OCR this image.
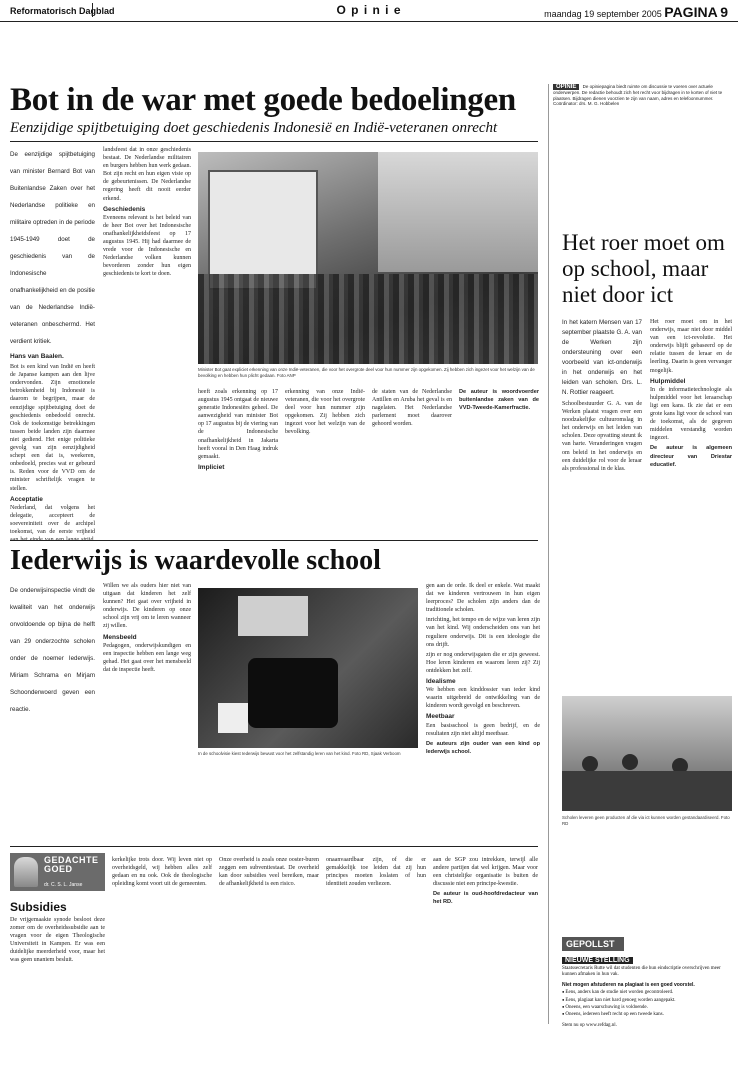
Reformatorisch Dagblad	O p i n i e	maandag 19 september 2005 PAGINA 9
Bot in de war met goede bedoelingen
Eenzijdige spijtbetuiging doet geschiedenis Indonesië en Indië-veteranen onrecht
OPINIE De opiniepagina biedt ruimte om discussie te voeren over actuele onderwerpen. De redactie behoudt zich het recht voor bijdragen in te korten of niet te plaatsen. Bijdragen dienen voorzien te zijn van naam, adres en telefoonnummer.
Coördinator: drs. M. G. Hobbelen

De eenzijdige spijtbetuiging van minister Bernard Bot van Buitenlandse Zaken over het Nederlandse politieke en militaire optreden in de periode 1945-1949 doet de geschiedenis van de Indonesische onafhankelijkheid en de positie van de Nederlandse Indië-veteranen onbeschermd. Het verdient kritiek.

Hans van Baalen.

Bot is een kind van Indië en heeft de Japanse kampen aan den lijve ondervonden. Zijn emotionele betrokkenheid bij Indonesië is daarom te begrijpen, maar de eenzijdige spijtbetuiging doet de geschiedenis onbedoeld onrecht. Ook de toekomstige betrekkingen tussen beide landen zijn daarmee niet gediend. Het enige politieke gevolg van zijn eenzijdigheid schept een dat is, weekeren, onbedoeld, precies wat er gebeurd is. Reden voor de VVD om de minister schriftelijk vragen te stellen.

Acceptatie

Nederland, dat volgens het delegatie, accepteert de soevereiniteit over de archipel toekomst, van de eerste vrijheid

landsfeest dat in onze geschiedenis bestaat. De Nederlandse militairen en burgers hebben hun werk gedaan. Bot zijn recht en hun eigen visie op de gebeurtenissen. De Nederlandse regering heeft dit nooit eerder erkend.

Geschiedenis

Eveneens relevant is het beleid van de heer Bot over het Indonesische onafhankelijkheidsfeest op 17 augustus 1945. Hij had daarmee de vrede voor de Indonesische en Nederlandse volken kunnen bevorderen zonder hun eigen geschiedenis te kort te doen.

Minister Bot gaat expliciet erkenning van onze Indië-veteranen, die voor het overgrote deel voor hun nummer zijn opgekomen. Zij hebben zich ingezet voor het welzijn van de bevolking en hebben hun plicht gedaan. Foto ANP

heeft zoals erkenning op 17 augustus 1945 ontgaat de nieuwe generatie Indonesiërs geheel. De aanwezigheid van minister Bot op 17 augustus bij de viering van de Indonesische onafhankelijkheid in Jakarta heeft vooral in Den Haag indruk gemaakt.

Impliciet

erkenning van onze Indië-veteranen, die voor het overgrote deel voor hun nummer zijn opgekomen. Zij hebben zich ingezet voor het welzijn van de bevolking.

de staten van de Nederlandse Antillen en Aruba het geval is en nagelaten. Het Nederlandse parlement moet daarover gehoord worden.

De auteur is woordvoerder buitenlandse zaken van de VVD-Tweede-Kamerfractie.

Het roer moet om op school, maar niet door ict

In het katern Mensen van 17 september plaatste G. A. van de Werken zijn ondersteuning over een voorbeeld van ict-onderwijs in het onderwijs en het leiden van scholen. Drs. L. N. Rottier reageert.

Schoolbestuurder G. A. van de Werken plaatst vragen over een noodzakelijke cultuuromslag in het onderwijs en het leiden van scholen. Deze opvatting steunt ik van harte. Veranderingen vragen om beleid in het onderwijs en een duidelijke rol voor de leraar als professional in de klas.

Het roer moet om in het onderwijs, maar niet door middel van een ict-revolutie. Het onderwijs blijft gebaseerd op de relatie tussen de leraar en de leerling. Daarin is geen vervanger mogelijk.

Hulpmiddel

In de informatietechnologie als hulpmiddel voor het leraarschap ligt een kans. Ik zie dat er een grote kans ligt voor de school van de toekomst, als de gegeven middelen verstandig worden ingezet.

De auteur is algemeen directeur van Driestar educatief.

Scholen leveren geen producten af die via ict kunnen worden gestandaardiseerd. Foto RD
Iederwijs is waardevolle school

De onderwijsinspectie vindt de kwaliteit van het onderwijs onvoldoende op bijna de helft van 29 onderzochte scholen onder de noemer Iederwijs. Miriam Schrama en Mirjam Schoonderwoerd geven een reactie.

Willen we als ouders hier niet van uitgaan dat kinderen het zelf kunnen? Het gaat over vrijheid in onderwijs. De kinderen op onze school zijn vrij om te leren wanneer zij willen.

Mensbeeld

Pedagogen, onderwijskundigen en een inspectie hebben een lange weg gehad. Het gaat over het mensbeeld dat de inspectie heeft.

gen aan de orde. Ik deel er enkele. Wat maakt dat we kinderen vertrouwen in hun eigen leerproces? De scholen zijn anders dan de traditionele scholen.

inrichting, het tempo en de wijze van leren zijn van het kind. Wij onderscheiden ons van het reguliere onderwijs. Dit is een ideologie die ons drijft.

zijn er nog onderwijsgaten die er zijn geweest. Hoe leren kinderen en waarom leren zij? Zij ontdekken het zelf.

Idealisme

We hebben een kinddossier van ieder kind waarin uitgebreid de ontwikkeling van de kinderen wordt gevolgd en beschreven.

Meetbaar

Een basisschool is geen bedrijf, en de resultaten zijn niet altijd meetbaar.

De auteurs zijn ouder van een kind op Iederwijs school.

In de schoolvisie kiest Iederwijs bewust voor het zelfstandig leren van het kind. Foto RD, Sjaak Verboom
GEDACHTE
GOED
dr. C. S. L. Janse
Subsidies

De vrijgemaakte synode besloot deze zomer om de overheidssubsidie aan te vragen voor de eigen Theologische Universiteit in Kampen. Er was een duidelijke meerderheid voor, maar het was geen unaniem besluit.

kerkelijke trots door. Wij leven niet op overheidsgeld, wij hebben alles zelf gedaan en nu ook. Ook de theologische opleiding komt voort uit de gemeenten.

Onze overheid is zoals onze ooster-buren zeggen een subventiestaat. De overheid kan door subsidies veel bereiken, maar de afhankelijkheid is een risico.

onaanvaardbaar zijn, of die er gemakkelijk toe leiden dat zij hun principes moeten loslaten of hun identiteit zouden verliezen.

aan de SGP zou intrekken, terwijl alle andere partijen dat wel krijgen. Maar voor een christelijke organisatie is buiten de discussie niet een principe-kwestie.

De auteur is oud-hoofdredacteur van het RD.

GEPOLLST
NIEUWE STELLING
Staatssecretaris Rutte wil dat studenten die hun eindscriptie overschrijven meer kunnen afmaken in hun vak.
Niet mogen afstuderen na plagiaat is een goed voorstel.
● Eens, anders kan de studie niet worden gecontroleerd.
● Eens, plagiaat kan niet hard genoeg worden aangepakt.
● Oneens, een waarschuwing is voldoende.
● Oneens, iedereen heeft recht op een tweede kans.
Stem nu op www.refdag.nl.
